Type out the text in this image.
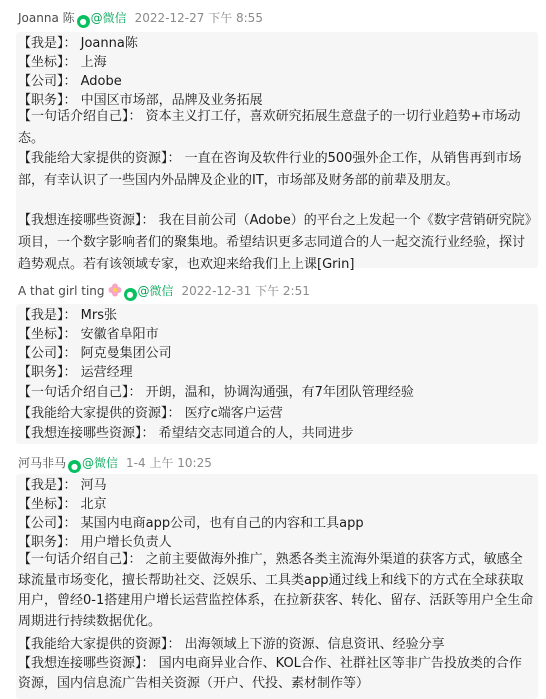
Joanna 陈 ● @微信 2022-12-27 下午 8:55
【我是】： Joanna陈
【坐标】： 上海
【公司】： Adobe
【职务】： 中国区市场部，品牌及业务拓展
【一句话介绍自己】： 资本主义打工仔，喜欢研究拓展生意盘子的一切行业趋势+市场动态。
【我能给大家提供的资源】： 一直在咨询及软件行业的500强外企工作，从销售再到市场部，有幸认识了一些国内外品牌及企业的IT，市场部及财务部的前辈及朋友。
【我想连接哪些资源】： 我在目前公司（Adobe）的平台之上发起一个《数字营销研究院》项目，一个数字影响者们的聚集地。希望结识更多志同道合的人一起交流行业经验，探讨趋势观点。若有该领域专家，也欢迎来给我们上上课[Grin]
A that girl ting	● @微信 2022-12-31 下午 2:51
【我是】： Mrs张
【坐标】： 安徽省阜阳市
【公司】： 阿克曼集团公司
【职务】： 运营经理
【一句话介绍自己】： 开朗，温和，协调沟通强，有7年团队管理经验
【我能给大家提供的资源】： 医疗c端客户运营
【我想连接哪些资源】： 希望结交志同道合的人，共同进步
河马非马 ● @微信 1-4 上午 10:25
【我是】： 河马
【坐标】： 北京
【公司】： 某国内电商app公司，也有自己的内容和工具app
【职务】： 用户增长负责人
【一句话介绍自己】： 之前主要做海外推广，熟悉各类主流海外渠道的获客方式，敏感全球流量市场变化，擅长帮助社交、泛娱乐、工具类app通过线上和线下的方式在全球获取用户，曾经0-1搭建用户增长运营监控体系，在拉新获客、转化、留存、活跃等用户全生命周期进行持续数据优化。
【我能给大家提供的资源】： 出海领域上下游的资源、信息资讯、经验分享
【我想连接哪些资源】： 国内电商异业合作、KOL合作、社群社区等非广告投放类的合作资源，国内信息流广告相关资源（开户、代投、素材制作等）
